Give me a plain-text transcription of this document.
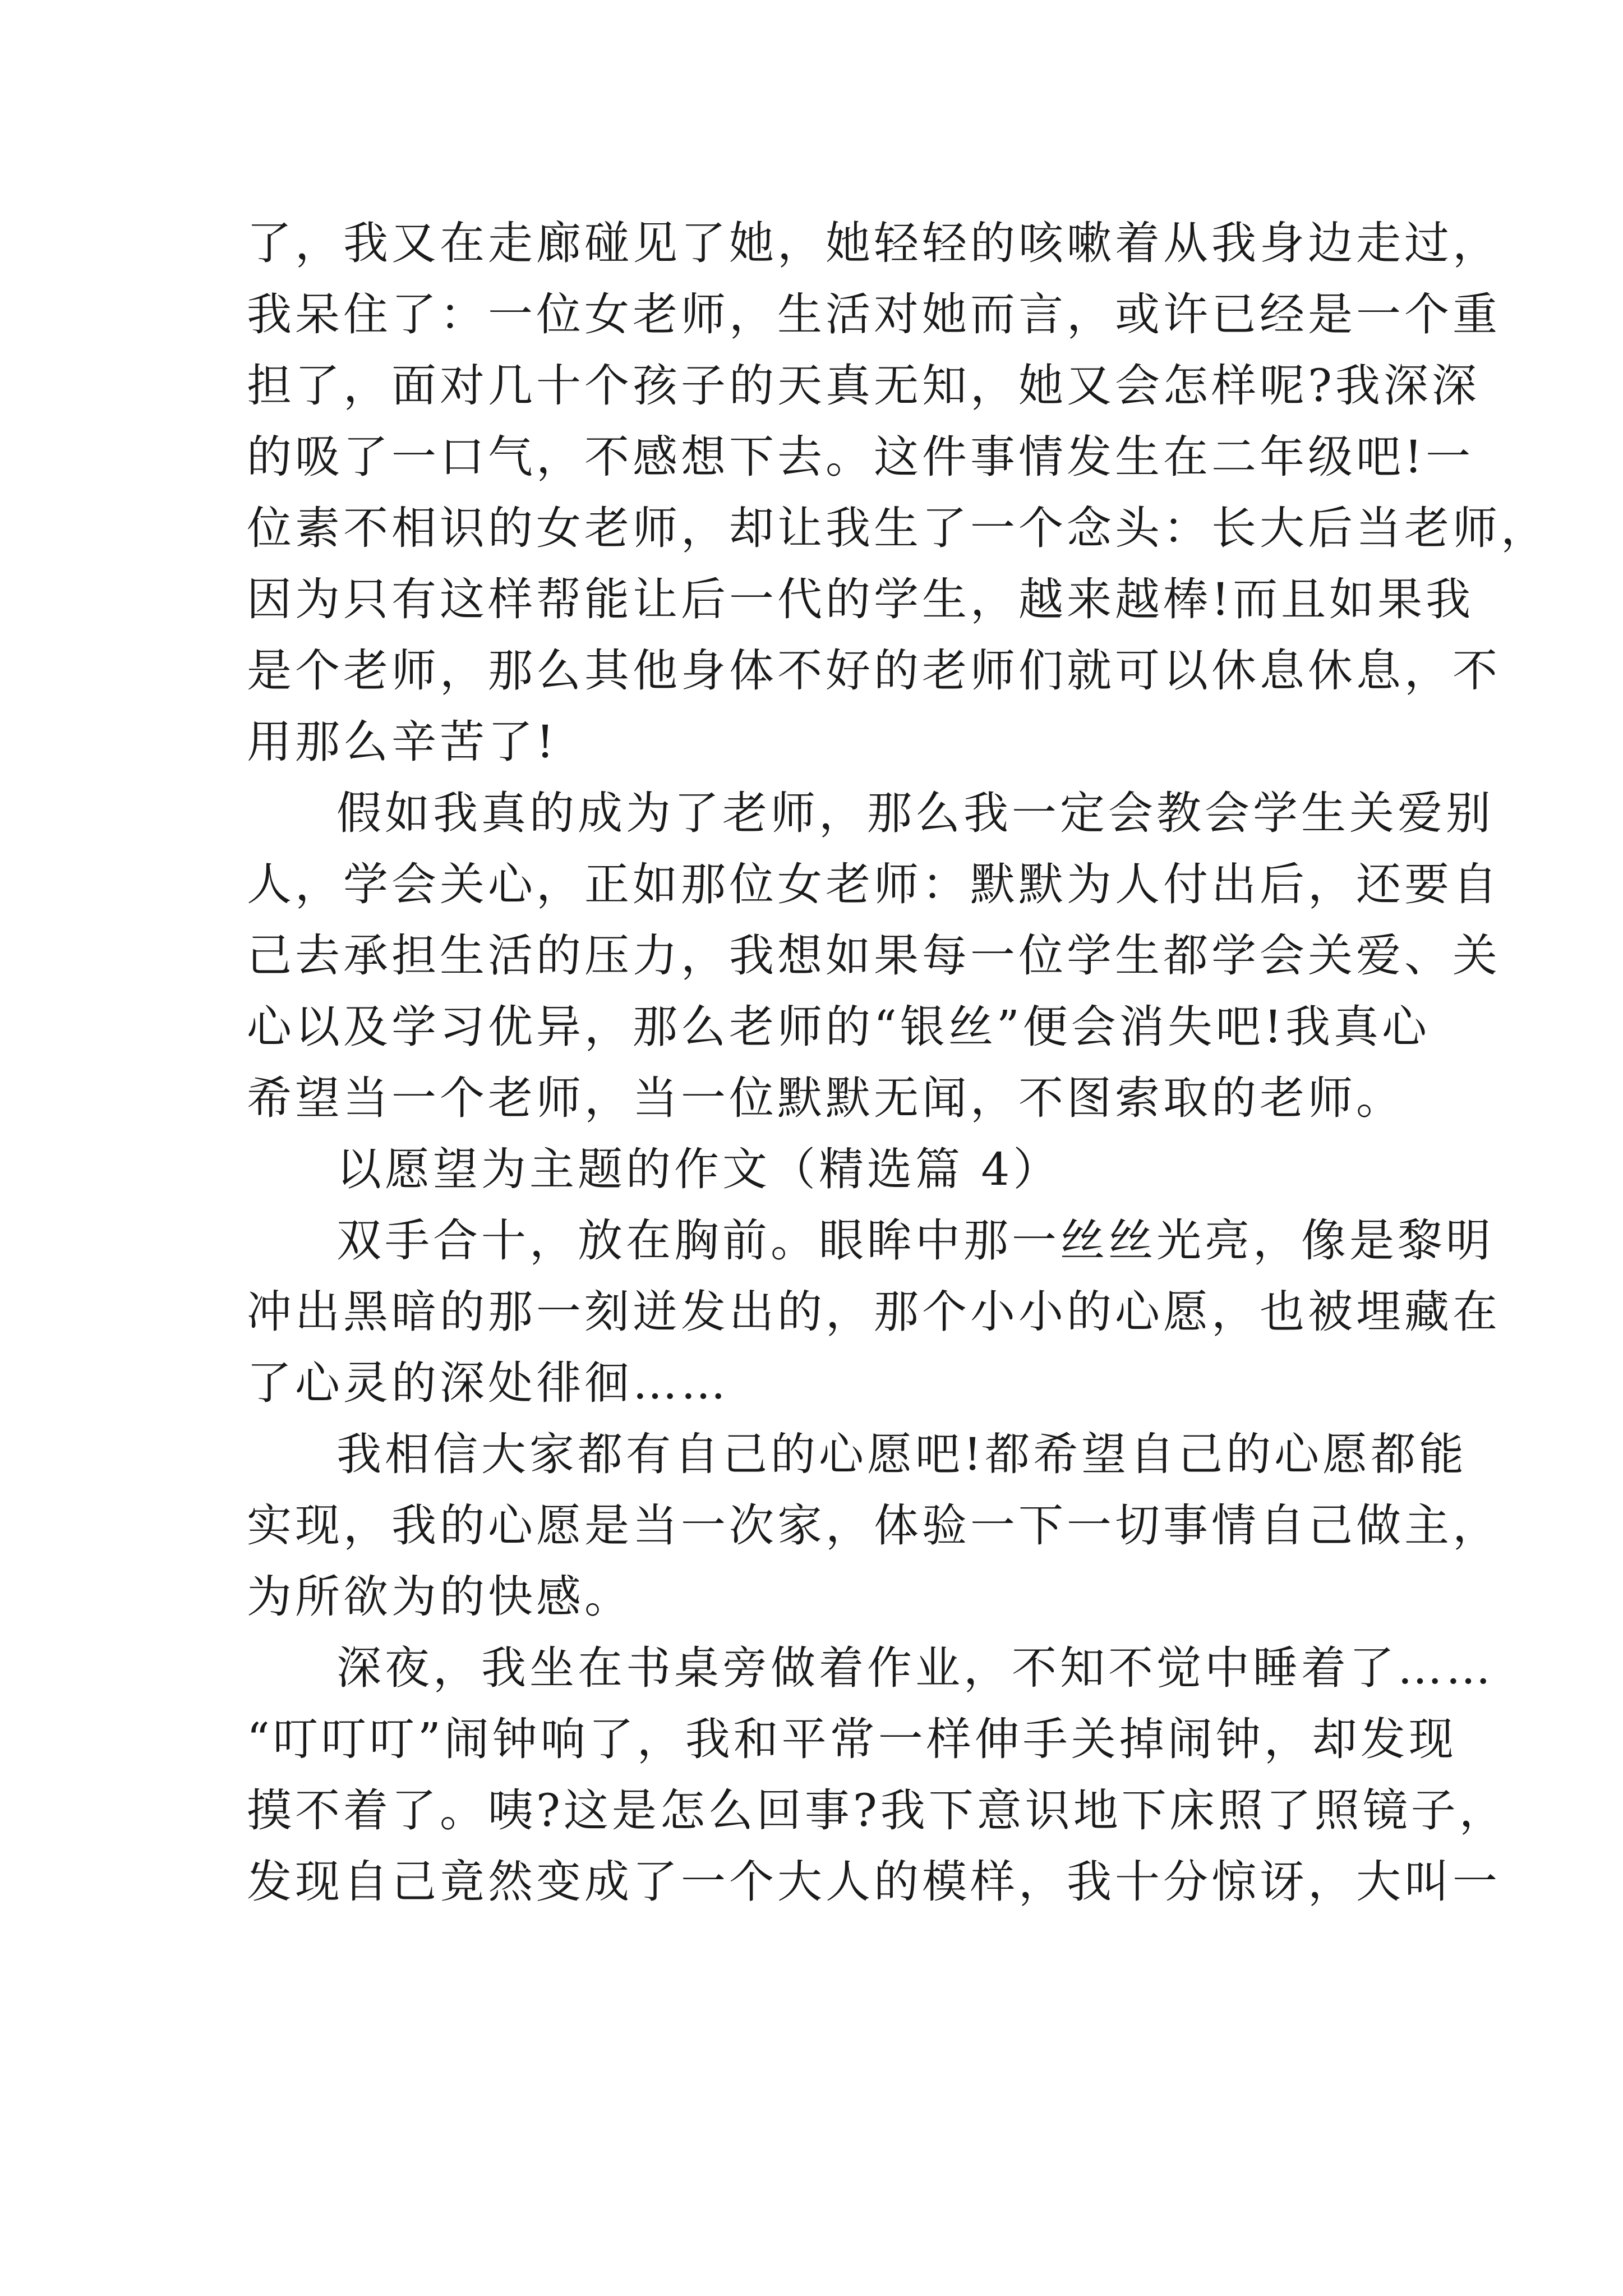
了，我又在走廊碰见了她，她轻轻的咳嗽着从我身边走过，
我呆住了：一位女老师，生活对她而言，或许已经是一个重
担了，面对几十个孩子的天真无知，她又会怎样呢?我深深
的吸了一口气，不感想下去。这件事情发生在二年级吧!一
位素不相识的女老师，却让我生了一个念头：长大后当老师，
因为只有这样帮能让后一代的学生，越来越棒!而且如果我
是个老师，那么其他身体不好的老师们就可以休息休息，不
用那么辛苦了!
假如我真的成为了老师，那么我一定会教会学生关爱别
人，学会关心，正如那位女老师：默默为人付出后，还要自
己去承担生活的压力，我想如果每一位学生都学会关爱、关
心以及学习优异，那么老师的“银丝”便会消失吧!我真心
希望当一个老师，当一位默默无闻，不图索取的老师。
以愿望为主题的作文（精选篇 4）
双手合十，放在胸前。眼眸中那一丝丝光亮，像是黎明
冲出黑暗的那一刻迸发出的，那个小小的心愿，也被埋藏在
了心灵的深处徘徊……
我相信大家都有自己的心愿吧!都希望自己的心愿都能
实现，我的心愿是当一次家，体验一下一切事情自己做主，
为所欲为的快感。
深夜，我坐在书桌旁做着作业，不知不觉中睡着了……
“叮叮叮”闹钟响了，我和平常一样伸手关掉闹钟，却发现
摸不着了。咦?这是怎么回事?我下意识地下床照了照镜子，
发现自己竟然变成了一个大人的模样，我十分惊讶，大叫一
